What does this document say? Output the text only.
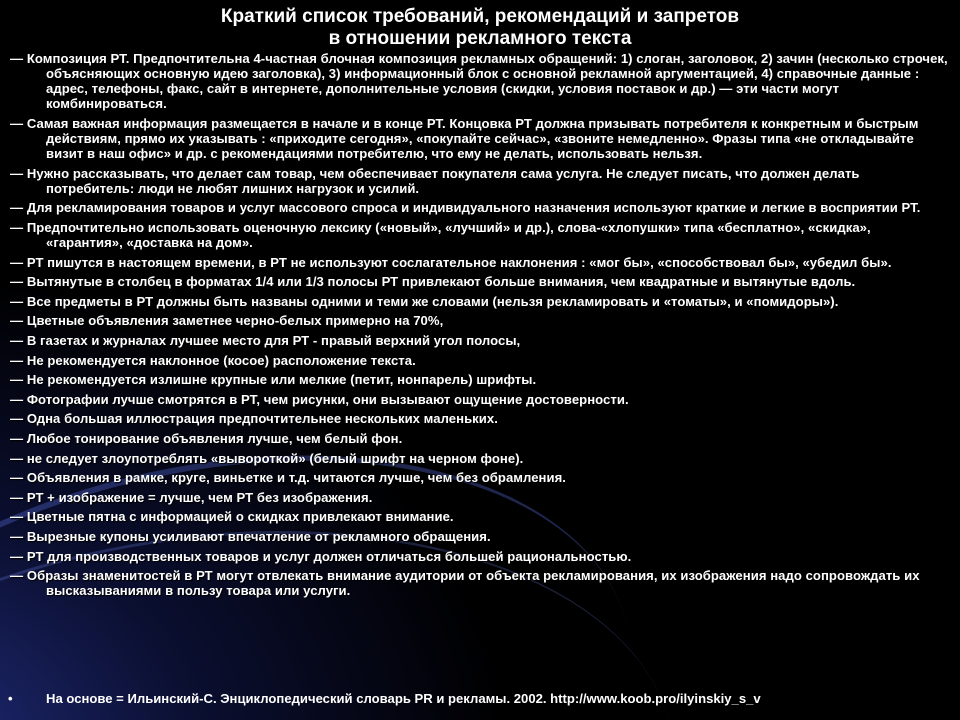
Краткий список требований, рекомендаций и запретов
в отношении рекламного текста
— Композиция РТ. Предпочтительна 4-частная блочная композиция рекламных обращений: 1) слоган, заголовок, 2) зачин (несколько строчек, объясняющих основную идею заголовка), 3) информационный блок с основной рекламной аргументацией, 4) справочные данные : адрес, телефоны, факс, сайт в интернете, дополнительные условия (скидки, условия поставок и др.) — эти части могут комбинироваться.
— Самая важная информация размещается в начале и в конце РТ. Концовка РТ должна призывать потребителя к конкретным и быстрым действиям, прямо их указывать : «приходите сегодня», «покупайте сейчас», «звоните немедленно». Фразы типа «не откладывайте визит в наш офис» и др. с рекомендациями потребителю, что ему не делать, использовать нельзя.
— Нужно рассказывать, что делает сам товар, чем обеспечивает покупателя сама услуга. Не следует писать, что должен делать потребитель: люди не любят лишних нагрузок и усилий.
— Для рекламирования товаров и услуг массового спроса и индивидуального назначения используют краткие и легкие в восприятии РТ.
— Предпочтительно использовать оценочную лексику («новый», «лучший» и др.), слова-«хлопушки» типа «бесплатно», «скидка», «гарантия», «доставка на дом».
— РТ пишутся в настоящем времени, в РТ не используют сослагательное наклонения : «мог бы», «способствовал бы», «убедил бы».
— Вытянутые в столбец в форматах 1/4 или 1/3 полосы РТ привлекают больше внимания, чем квадратные и вытянутые вдоль.
— Все предметы в РТ должны быть названы одними и теми же словами (нельзя рекламировать и «томаты», и «помидоры»).
— Цветные объявления заметнее черно-белых примерно на 70%,
— В газетах и журналах лучшее место для РТ - правый верхний угол полосы,
— Не рекомендуется наклонное (косое) расположение текста.
— Не рекомендуется излишне крупные или мелкие (петит, нонпарель) шрифты.
— Фотографии лучше смотрятся в РТ, чем рисунки, они вызывают ощущение достоверности.
— Одна большая иллюстрация предпочтительнее нескольких маленьких.
— Любое тонирование объявления лучше, чем белый фон.
— не следует злоупотреблять «вывороткой» (белый шрифт на черном фоне).
— Объявления в рамке, круге, виньетке и т.д. читаются лучше, чем без обрамления.
— РТ + изображение = лучше, чем РТ без изображения.
— Цветные пятна с информацией о скидках привлекают внимание.
— Вырезные купоны усиливают впечатление от рекламного обращения.
— РТ для производственных товаров и услуг должен отличаться большей рациональностью.
— Образы знаменитостей в РТ могут отвлекать внимание аудитории от объекта рекламирования, их изображения надо сопровождать их высказываниями в пользу товара или услуги.
•	На основе = Ильинский-С. Энциклопедический словарь PR и рекламы. 2002. http://www.koob.pro/ilyinskiy_s_v
